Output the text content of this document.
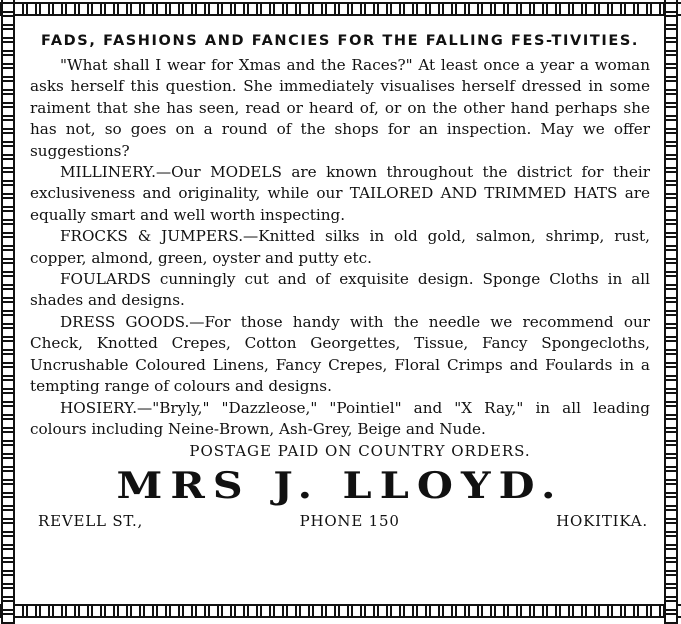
FADS, FASHIONS AND FANCIES FOR THE FALLING FES-TIVITIES.

"What shall I wear for Xmas and the Races?" At least once a year a woman asks herself this question. She immediately visualises herself dressed in some raiment that she has seen, read or heard of, or on the other hand perhaps she has not, so goes on a round of the shops for an inspection. May we offer suggestions?

MILLINERY.—Our MODELS are known throughout the district for their exclusiveness and originality, while our TAILORED AND TRIMMED HATS are equally smart and well worth inspecting.

FROCKS & JUMPERS.—Knitted silks in old gold, salmon, shrimp, rust, copper, almond, green, oyster and putty etc.

FOULARDS cunningly cut and of exquisite design. Sponge Cloths in all shades and designs.

DRESS GOODS.—For those handy with the needle we recommend our Check, Knotted Crepes, Cotton Georgettes, Tissue, Fancy Spongecloths, Uncrushable Coloured Linens, Fancy Crepes, Floral Crimps and Foulards in a tempting range of colours and designs.

HOSIERY.—"Bryly," "Dazzleose," "Pointiel" and "X Ray," in all leading colours including Neine-Brown, Ash-Grey, Beige and Nude.

POSTAGE PAID ON COUNTRY ORDERS.
MRS J. LLOYD.
REVELL ST.,	PHONE 150	HOKITIKA.
